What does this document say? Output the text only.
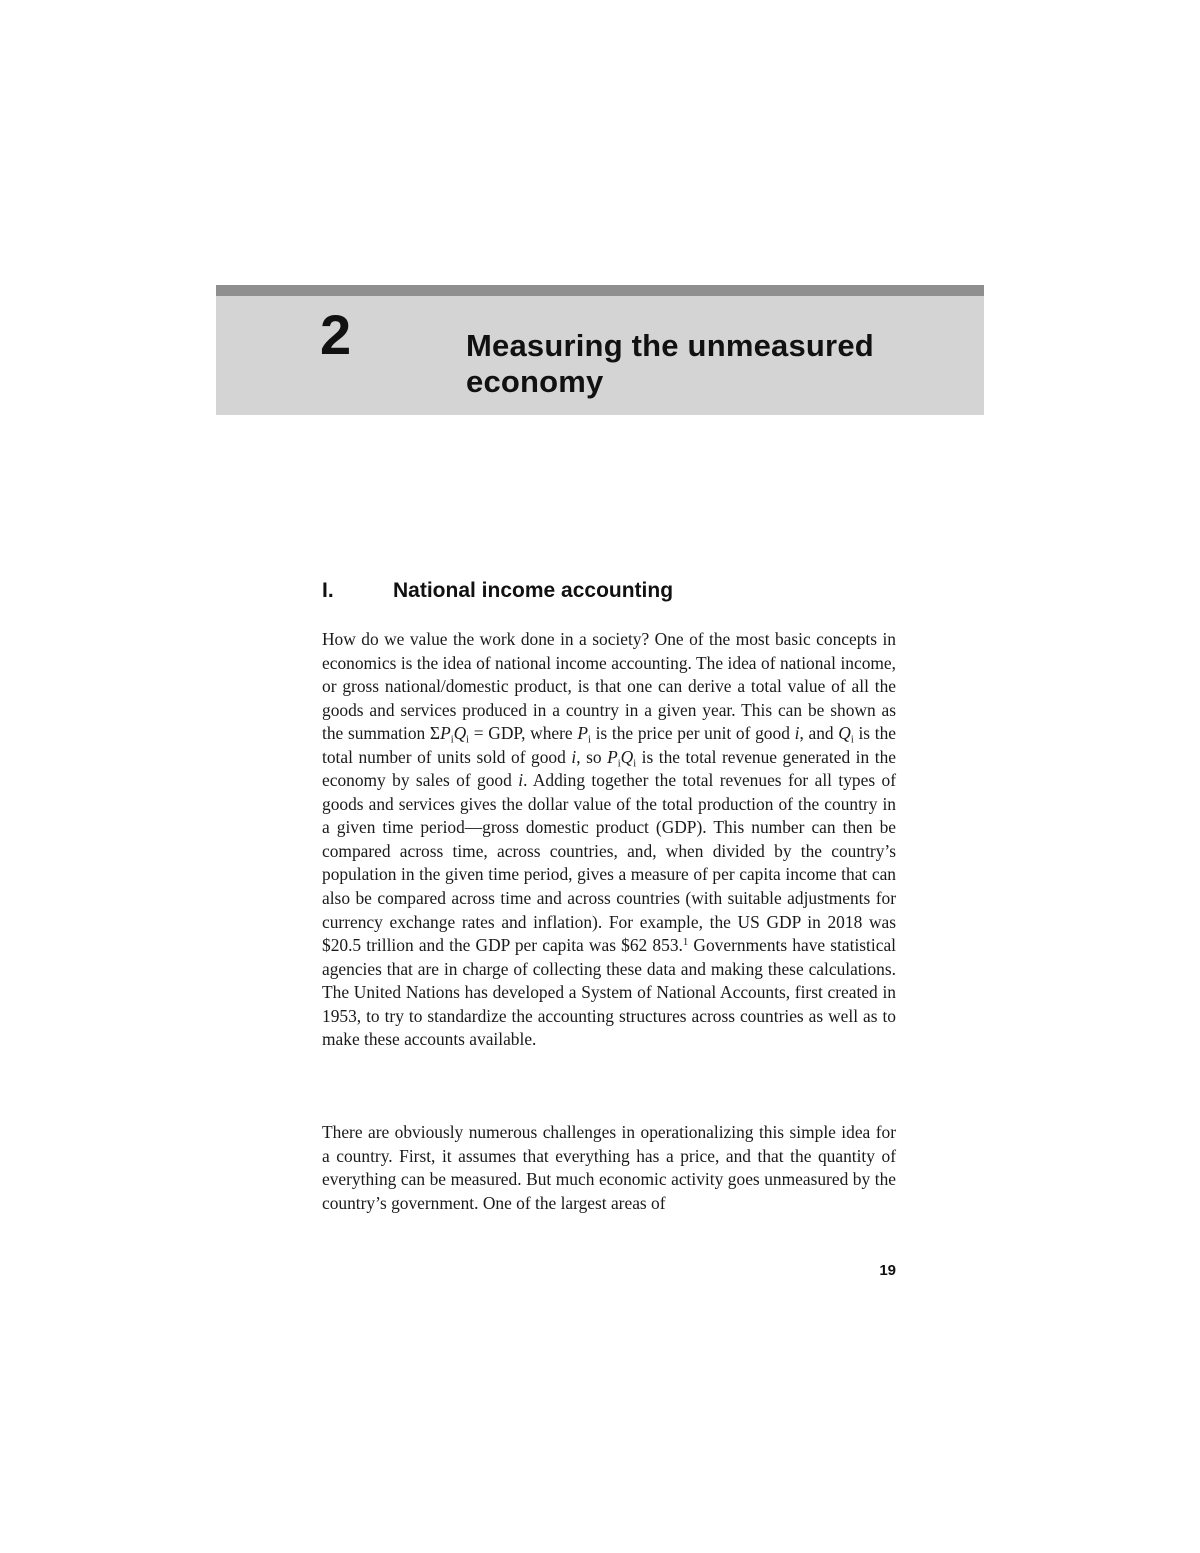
2	Measuring the unmeasured economy
I.	National income accounting

How do we value the work done in a society? One of the most basic concepts in economics is the idea of national income accounting. The idea of national income, or gross national/domestic product, is that one can derive a total value of all the goods and services produced in a country in a given year. This can be shown as the summation $\Sigma P_iQ_i$ = GDP, where $P_i$ is the price per unit of good i, and $Q_i$ is the total number of units sold of good i, so $P_iQ_i$ is the total revenue generated in the economy by sales of good i. Adding together the total revenues for all types of goods and services gives the dollar value of the total production of the country in a given time period—gross domestic product (GDP). This number can then be compared across time, across countries, and, when divided by the country’s population in the given time period, gives a measure of per capita income that can also be compared across time and across countries (with suitable adjustments for currency exchange rates and inflation). For example, the US GDP in 2018 was $20.5 trillion and the GDP per capita was $62 853.$^1$ Governments have statistical agencies that are in charge of collecting these data and making these calculations. The United Nations has developed a System of National Accounts, first created in 1953, to try to standardize the accounting structures across countries as well as to make these accounts available.

There are obviously numerous challenges in operationalizing this simple idea for a country. First, it assumes that everything has a price, and that the quantity of everything can be measured. But much economic activity goes unmeasured by the country’s government. One of the largest areas of

19
